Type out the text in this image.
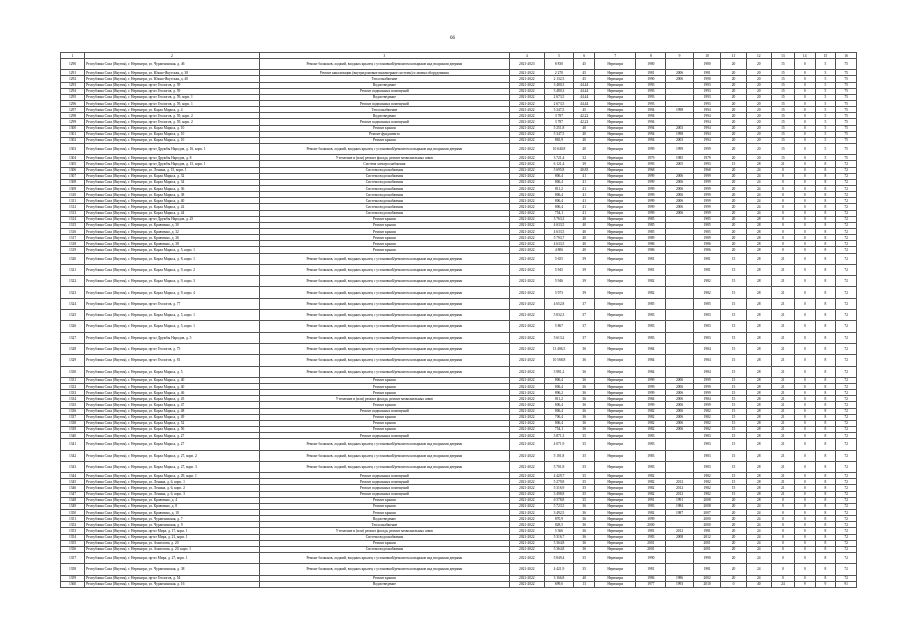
66
1	2	3	4	5	6	7	8	9	10	11	12	13	14	15	16
1290	Республика Саха (Якутия), г. Нерюнгри, ул. Чурапчинская, д. 46	Ремонт балконов, лоджий, входных крылец с установкой/ремонтом козырьков над входными дверями	2021-2023	8 830	45	Нерюнгри	1980		1980	20	20	15	0	5	75
1291	Республика Саха (Якутия), г. Нерюнгри, ул. Южно-Якутская, д. 38	Ремонт канализации (внутридомовые инженерные системы) и замена оборудования	2021-2022	2 270	45	Нерюнгри	1981	2006	1981	20	20	15	0	5	75
1292	Республика Саха (Якутия), г. Нерюнгри, ул. Южно-Якутская, д. 40	Теплоснабжение	2021-2022	2 132,5	45	Нерюнгри	1990	2006	1990	20	20	15	0	5	75
1293	Республика Саха (Якутия), г. Нерюнгри, пр-кт Геологов, д. 59	Водоотведение	2021-2022	3 480,3	44,44	Нерюнгри	1993		1993	20	20	15	0	5	75
1294	Республика Саха (Якутия), г. Нерюнгри, пр-кт Геологов, д. 59	Ремонт подвальных помещений	2021-2022	3 480,3	44,44	Нерюнгри	1993		1993	20	20	15	0	5	75
1295	Республика Саха (Якутия), г. Нерюнгри, пр-кт Геологов, д. 59, корп. 1	Водоотведение	2021-2022	2 673,5	44,44	Нерюнгри	1993		1993	20	20	15	0	5	75
1296	Республика Саха (Якутия), г. Нерюнгри, пр-кт Геологов, д. 59, корп. 1	Ремонт подвальных помещений	2021-2022	2 673,5	44,44	Нерюнгри	1993		1993	20	20	15	0	5	75
1297	Республика Саха (Якутия), г. Нерюнгри, ул. Карла Маркса, д. 4	Теплоснабжение	2021-2022	5 347,5	45	Нерюнгри	1994	1998	1994	20	20	15	0	5	75
1298	Республика Саха (Якутия), г. Нерюнгри, пр-кт Геологов, д. 59, корп. 2	Водоотведение	2021-2022	3 787	42,22	Нерюнгри	1994		1994	20	20	15	0	5	75
1299	Республика Саха (Якутия), г. Нерюнгри, пр-кт Геологов, д. 59, корп. 2	Ремонт подвальных помещений	2021-2022	3 787	42,22	Нерюнгри	1994		1994	20	20	15	0	5	75
1300	Республика Саха (Якутия), г. Нерюнгри, ул. Карла Маркса, д. 10	Ремонт крыши	2021-2022	5 251,8	40	Нерюнгри	1994	2003	1994	20	20	15	0	5	75
1301	Республика Саха (Якутия), г. Нерюнгри, ул. Карла Маркса, д. 10	Ремонт фундамента	2021-2022	5 347,5	40	Нерюнгри	1994	1998	1994	20	20	15	0	5	75
1302	Республика Саха (Якутия), г. Нерюнгри, ул. Карла Маркса, д. 10	Ремонт крыши	2021-2022	865,9	40	Нерюнгри	1994	2003	1994	20	20	15	0	5	75
1303	Республика Саха (Якутия), г. Нерюнгри, пр-кт Дружбы Народов, д. 16, корп. 1	Ремонт балконов, лоджий, входных крылец с установкой/ремонтом козырьков над входными дверями	2021-2022	10 640,8	40	Нерюнгри	1999	1999	1999	20	20	15	0	5	75
1304	Республика Саха (Якутия), г. Нерюнгри, пр-кт Дружбы Народов, д. 8	Утепление и (или) ремонт фасада, ремонт межпанельных швов	2021-2022	3 721,4	32	Нерюнгри	1979	1985	1979	20	20	15	0	5	75
1305	Республика Саха (Якутия), г. Нерюнгри, пр-кт Дружбы Народов, д. 15, корп. 1	Система электроснабжения	2021-2022	6 121,4	39	Нерюнгри	1993	2005	1993	15	28	21	0	8	72
1306	Республика Саха (Якутия), г. Нерюнгри, ул. Ленина, д. 15, корп. 1	Система водоснабжения	2021-2022	5 695,8	40,83	Нерюнгри	1968		1968	20	24	0	0	8	72
1307	Республика Саха (Якутия), г. Нерюнгри, ул. Карла Маркса, д. 32	Система водоснабжения	2021-2022	806,4	41	Нерюнгри	1999	2006	1999	20	24	0	0	8	72
1308	Республика Саха (Якутия), г. Нерюнгри, ул. Карла Маркса, д. 34	Система водоснабжения	2021-2022	806,4	41	Нерюнгри	1999	2006	1999	20	24	0	0	8	72
1309	Республика Саха (Якутия), г. Нерюнгри, ул. Карла Маркса, д. 36	Система водоснабжения	2021-2022	811,2	41	Нерюнгри	1999	2006	1999	20	24	0	0	8	72
1310	Республика Саха (Якутия), г. Нерюнгри, ул. Карла Маркса, д. 38	Система водоснабжения	2021-2022	806,4	41	Нерюнгри	1999	2006	1999	20	24	0	0	8	72
1311	Республика Саха (Якутия), г. Нерюнгри, ул. Карла Маркса, д. 40	Система водоснабжения	2021-2022	806,4	41	Нерюнгри	1999	2006	1999	20	24	0	0	8	72
1312	Республика Саха (Якутия), г. Нерюнгри, ул. Карла Маркса, д. 42	Система водоснабжения	2021-2022	806,4	41	Нерюнгри	1999	2006	1999	20	24	0	0	8	72
1313	Республика Саха (Якутия), г. Нерюнгри, ул. Карла Маркса, д. 44	Система водоснабжения	2021-2022	754,1	41	Нерюнгри	1999	2006	1999	20	24	0	0	8	72
1314	Республика Саха (Якутия), г. Нерюнгри, пр-кт Дружбы Народов, д. 25	Ремонт крыши	2021-2022	5 763,3	40	Нерюнгри	1985		1985	20	28	0	0	8	72
1315	Республика Саха (Якутия), г. Нерюнгри, ул. Кравченко, д. 30	Ремонт крыши	2021-2022	4 633,5	40	Нерюнгри	1985		1985	20	28	0	0	8	72
1316	Республика Саха (Якутия), г. Нерюнгри, ул. Кравченко, д. 32	Ремонт крыши	2021-2022	4 633,5	40	Нерюнгри	1985		1985	20	28	0	0	8	72
1317	Республика Саха (Якутия), г. Нерюнгри, ул. Кравченко, д. 36	Ремонт крыши	2021-2022	5 793,7	40	Нерюнгри	1989		1989	20	28	0	0	8	72
1318	Республика Саха (Якутия), г. Нерюнгри, ул. Кравченко, д. 38	Ремонт крыши	2021-2022	4 633,5	40	Нерюнгри	1986		1986	20	28	0	0	8	72
1319	Республика Саха (Якутия), г. Нерюнгри, ул. Карла Маркса, д. 5, корп. 1	Ремонт крыши	2021-2022	4 806	40	Нерюнгри	1986		1986	20	28	0	0	8	72
1320	Республика Саха (Якутия), г. Нерюнгри, ул. Карла Маркса, д. 8, корп. 1	Ремонт балконов, лоджий, входных крылец с установкой/ремонтом козырьков над входными дверями	2021-2022	5 655	39	Нерюнгри	1981		1981	15	28	21	0	8	72
1321	Республика Саха (Якутия), г. Нерюнгри, ул. Карла Маркса, д. 9, корп. 2	Ремонт балконов, лоджий, входных крылец с установкой/ремонтом козырьков над входными дверями	2021-2022	5 945	39	Нерюнгри	1981		1981	15	28	21	0	8	72
1322	Республика Саха (Якутия), г. Нерюнгри, ул. Карла Маркса, д. 9, корп. 3	Ремонт балконов, лоджий, входных крылец с установкой/ремонтом козырьков над входными дверями	2021-2022	5 946	39	Нерюнгри	1982		1982	15	28	21	0	8	72
1323	Республика Саха (Якутия), г. Нерюнгри, ул. Карла Маркса, д. 9, корп. 4	Ремонт балконов, лоджий, входных крылец с установкой/ремонтом козырьков над входными дверями	2021-2022	5 973	39	Нерюнгри	1982		1982	15	28	21	0	8	72
1324	Республика Саха (Якутия), г. Нерюнгри, пр-кт Геологов, д. 77	Ремонт балконов, лоджий, входных крылец с установкой/ремонтом козырьков над входными дверями	2021-2022	4 652,8	37	Нерюнгри	1985		1985	15	28	21	0	8	72
1325	Республика Саха (Якутия), г. Нерюнгри, ул. Карла Маркса, д. 5, корп. 1	Ремонт балконов, лоджий, входных крылец с установкой/ремонтом козырьков над входными дверями	2021-2022	5 832,3	37	Нерюнгри	1983		1983	15	28	21	0	8	72
1326	Республика Саха (Якутия), г. Нерюнгри, ул. Карла Маркса, д. 5, корп. 1	Ремонт балконов, лоджий, входных крылец с установкой/ремонтом козырьков над входными дверями	2021-2022	5 867	37	Нерюнгри	1983		1983	15	28	21	0	8	72
1327	Республика Саха (Якутия), г. Нерюнгри, пр-кт Дружбы Народов, д. 5	Ремонт балконов, лоджий, входных крылец с установкой/ремонтом козырьков над входными дверями	2021-2022	5 613,2	37	Нерюнгри	1983		1983	15	28	21	0	8	72
1328	Республика Саха (Якутия), г. Нерюнгри, пр-кт Геологов, д. 75	Ремонт балконов, лоджий, входных крылец с установкой/ремонтом козырьков над входными дверями	2021-2022	13 406,5	36	Нерюнгри	1984		1984	15	28	21	0	8	72
1329	Республика Саха (Якутия), г. Нерюнгри, пр-кт Геологов, д. 81	Ремонт балконов, лоджий, входных крылец с установкой/ремонтом козырьков над входными дверями	2021-2022	10 568,8	36	Нерюнгри	1984		1984	15	28	21	0	8	72
1330	Республика Саха (Якутия), г. Нерюнгри, ул. Карла Маркса, д. 5	Ремонт балконов, лоджий, входных крылец с установкой/ремонтом козырьков над входными дверями	2021-2022	3 981,2	36	Нерюнгри	1984		1984	15	28	21	0	8	72
1331	Республика Саха (Якутия), г. Нерюнгри, ул. Карла Маркса, д. 40	Ремонт крыши	2021-2022	806,4	36	Нерюнгри	1999	2006	1999	15	28	21	0	8	72
1332	Республика Саха (Якутия), г. Нерюнгри, ул. Карла Маркса, д. 40	Ремонт крыши	2021-2022	806,4	36	Нерюнгри	1999	2006	1999	15	28	21	0	8	72
1333	Республика Саха (Якутия), г. Нерюнгри, ул. Карла Маркса, д. 46	Ремонт крыши	2021-2022	896,2	36	Нерюнгри	1999	2006	1999	15	28	21	0	8	72
1334	Республика Саха (Якутия), г. Нерюнгри, ул. Карла Маркса, д. 45	Утепление и (или) ремонт фасада, ремонт межпанельных швов	2021-2022	811,2	36	Нерюнгри	1984	2006	1984	15	28	21	0	8	72
1335	Республика Саха (Якутия), г. Нерюнгри, ул. Карла Маркса, д. 47	Ремонт крыши	2021-2022	806,4	36	Нерюнгри	1999	2006	1999	15	28	21	0	8	72
1336	Республика Саха (Якутия), г. Нерюнгри, ул. Карла Маркса, д. 48	Ремонт подвальных помещений	2021-2022	806,4	36	Нерюнгри	1982	2006	1982	15	28	21	0	8	72
1337	Республика Саха (Якутия), г. Нерюнгри, ул. Карла Маркса, д. 49	Ремонт крыши	2021-2022	706,4	36	Нерюнгри	1982	2006	1982	15	28	21	0	8	72
1338	Республика Саха (Якутия), г. Нерюнгри, ул. Карла Маркса, д. 52	Ремонт крыши	2021-2022	806,4	36	Нерюнгри	1982	2006	1982	15	28	21	0	8	72
1339	Республика Саха (Якутия), г. Нерюнгри, ул. Карла Маркса, д. 56	Ремонт крыши	2021-2022	754,1	36	Нерюнгри	1982	2006	1982	15	28	21	0	8	72
1340	Республика Саха (Якутия), г. Нерюнгри, ул. Карла Маркса, д. 27	Ремонт подвальных помещений	2021-2022	3 871,3	35	Нерюнгри	1983		1983	15	28	21	0	8	72
1341	Республика Саха (Якутия), г. Нерюнгри, ул. Карла Маркса, д. 27	Ремонт балконов, лоджий, входных крылец с установкой/ремонтом козырьков над входными дверями	2021-2022	4 071,9	35	Нерюнгри	1983		1983	15	28	21	0	8	72
1342	Республика Саха (Якутия), г. Нерюнгри, ул. Карла Маркса, д. 27, корп. 2	Ремонт балконов, лоджий, входных крылец с установкой/ремонтом козырьков над входными дверями	2021-2022	5 101,8	35	Нерюнгри	1983		1983	15	28	21	0	8	72
1343	Республика Саха (Якутия), г. Нерюнгри, ул. Карла Маркса, д. 27, корп. 3	Ремонт балконов, лоджий, входных крылец с установкой/ремонтом козырьков над входными дверями	2021-2022	5 701,8	35	Нерюнгри	1983		1983	15	28	21	0	8	72
1344	Республика Саха (Якутия), г. Нерюнгри, ул. Карла Маркса, д. 29, корп. 1	Ремонт подвальных помещений	2021-2022	4 429,7	35	Нерюнгри	1982		1982	15	28	21	0	8	72
1345	Республика Саха (Якутия), г. Нерюнгри, ул. Ленина, д. 6, корп. 1	Ремонт подвальных помещений	2021-2022	5 279,8	35	Нерюнгри	1982	2012	1982	15	28	21	0	8	72
1346	Республика Саха (Якутия), г. Нерюнгри, ул. Ленина, д. 6, корп. 2	Ремонт подвальных помещений	2021-2022	5 316,9	35	Нерюнгри	1982	2012	1982	15	28	21	0	8	72
1347	Республика Саха (Якутия), г. Нерюнгри, ул. Ленина, д. 6, корп. 3	Ремонт подвальных помещений	2021-2022	3 498,8	35	Нерюнгри	1982	2012	1982	15	28	21	0	8	72
1348	Республика Саха (Якутия), г. Нерюнгри, ул. Кравченко, д. 4	Ремонт крыши	2021-2022	6 578,8	35	Нерюнгри	1991	1991	2008	20	28	0	0	8	72
1349	Республика Саха (Якутия), г. Нерюнгри, ул. Кравченко, д. 8	Ремонт крыши	2021-2022	5 723,5	36	Нерюнгри	1983	1984	2008	20	24	0	0	8	72
1350	Республика Саха (Якутия), г. Нерюнгри, ул. Кравченко, д. 10	Ремонт крыши	2021-2022	3 492,5	36	Нерюнгри	1982	1987	2007	20	24	0	0	8	72
1351	Республика Саха (Якутия), г. Нерюнгри, ул. Чурапчинская, д. 7	Водоотведение	2021-2022	870,9	36	Нерюнгри	1999		2000	20	24	0	0	8	72
1352	Республика Саха (Якутия), г. Нерюнгри, ул. Чурапчинская, д. 9	Теплоснабжение	2021-2022	828,5	36	Нерюнгри	2000		2000	20	24	0	0	8	72
1353	Республика Саха (Якутия), г. Нерюнгри, пр-кт Мира, д. 17, корп. 1	Утепление и (или) ремонт фасада, ремонт межпанельных швов	2021-2022	5 366	36	Нерюнгри	1981	2012	1981	20	24	0	0	8	72
1354	Республика Саха (Якутия), г. Нерюнгри, пр-кт Мира, д. 21, корп. 1	Система водоснабжения	2021-2022	5 316,7	36	Нерюнгри	1983	2008	2012	20	24	0	0	8	72
1355	Республика Саха (Якутия), г. Нерюнгри, ул. Аммосова, д. 20	Ремонт крыши	2021-2022	5 364,8	36	Нерюнгри	2001		2001	20	24	0	0	8	72
1356	Республика Саха (Якутия), г. Нерюнгри, ул. Аммосова, д. 20, корп. 1	Система водоснабжения	2021-2022	5 364,8	36	Нерюнгри	2001		2001	20	24	0	0	8	72
1357	Республика Саха (Якутия), г. Нерюнгри, пр-кт Мира, д. 27, корп. 1	Ремонт балконов, лоджий, входных крылец с установкой/ремонтом козырьков над входными дверями	2021-2022	5 849,4	35	Нерюнгри	1990		1990	20	24	0	0	8	72
1358	Республика Саха (Якутия), г. Нерюнгри, ул. Чурапчинская, д. 38	Ремонт балконов, лоджий, входных крылец с установкой/ремонтом козырьков над входными дверями	2021-2022	4 421,9	35	Нерюнгри	1981		1981	20	24	0	0	8	72
1359	Республика Саха (Якутия), г. Нерюнгри, пр-кт Геологов, д. 54	Ремонт крыши	2021-2022	3 166,8	40	Нерюнгри	1986	1986	2002	20	24	0	0	8	72
1360	Республика Саха (Якутия), г. Нерюнгри, ул. Чурапчинская, д. 16	Водоотведение	2021-2022	699,6	13	Нерюнгри	1977	1993	2010	0	40	24	9	9	91
